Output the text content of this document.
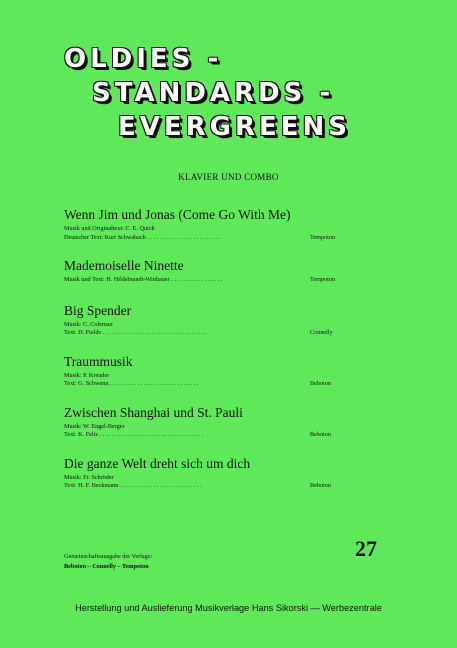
OLDIES -
STANDARDS -
EVERGREENS
KLAVIER UND COMBO
Wenn Jim und Jonas (Come Go With Me)
Musik und Originaltext: C. E. Quick
Deutscher Text: Kurt Schwabach . . . . . . . . . . . . . . . . . . . . . . . .	Tempoton
Mademoiselle Ninette
Musik und Text: H. Hildebrandt-Winhauer . . . . . . . . . . . . . . . . .	Tempoton
Big Spender
Musik: C. Coleman
Text: D. Fields . . . . . . . . . . . . . . . . . . . . . . . . . . . . . . . . . .	Connelly
Traummusik
Musik: P. Kreuder
Text: G. Schwenn . . . . . . . . . . . . . . . . . . . . . . . . . . . . .	Beboton
Zwischen Shanghai und St. Pauli
Musik: W. Engel-Berger
Text: K. Feltz . . . . . . . . . . . . . . . . . . . . . . . . . . . . . . . . . .	Beboton
Die ganze Welt dreht sich um dich
Musik: Fr. Schröder
Text: H. F. Beckmann . . . . . . . . . . . . . . . . . . . . . . . . . . .	Beboton
Gemeinschaftsausgabe der Verlage:
Beboton – Connelly – Tempoton
27
Herstellung und Auslieferung Musikverlage Hans Sikorski — Werbezentrale
